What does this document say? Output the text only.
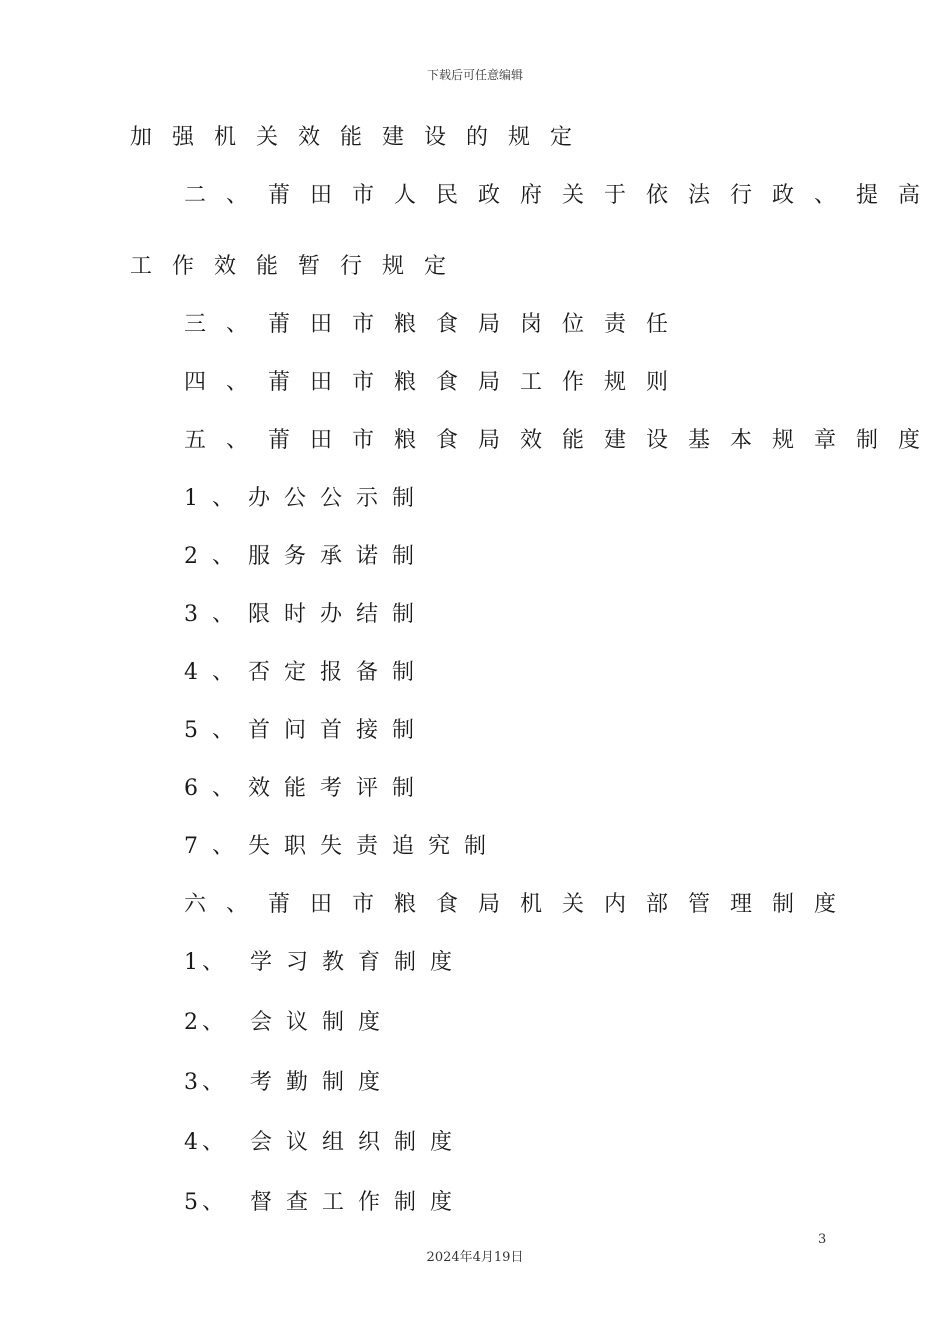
下载后可任意编辑
加强机关效能建设的规定
二、莆田市人民政府关于依法行政、提高
工作效能暂行规定
三、莆田市粮食局岗位责任
四、莆田市粮食局工作规则
五、莆田市粮食局效能建设基本规章制度
1、办公公示制
2、服务承诺制
3、限时办结制
4、否定报备制
5、首问首接制
6、效能考评制
7、失职失责追究制
六、莆田市粮食局机关内部管理制度
1、 学习教育制度
2、 会议制度
3、 考勤制度
4、 会议组织制度
5、 督查工作制度
3
2024年4月19日
